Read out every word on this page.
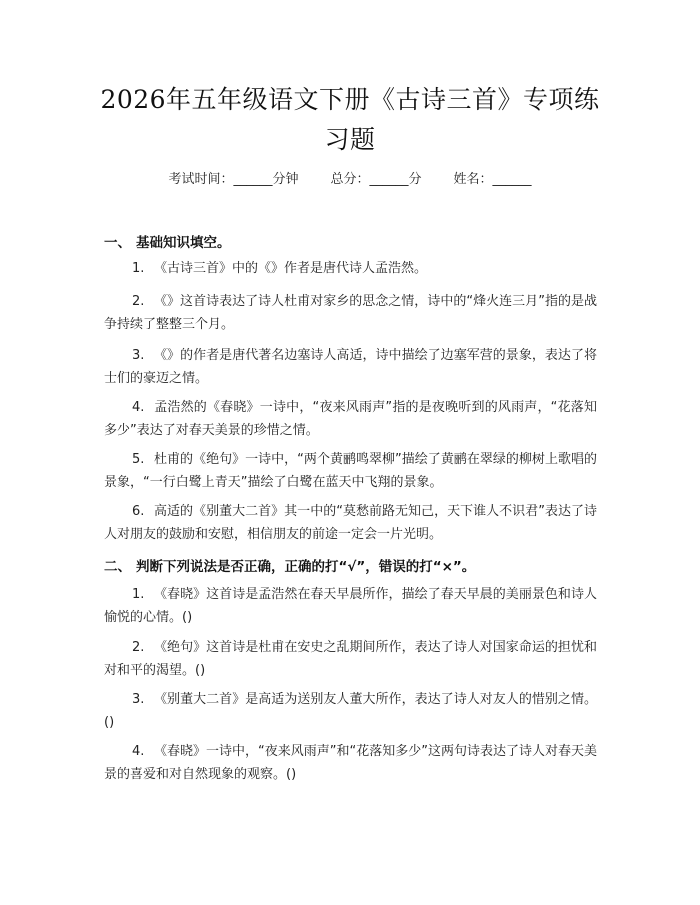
2026年五年级语文下册《古诗三首》专项练习题
考试时间：______分钟 总分：______分 姓名：______
一、 基础知识填空。
1. 《古诗三首》中的《》作者是唐代诗人孟浩然。
2. 《》这首诗表达了诗人杜甫对家乡的思念之情，诗中的“烽火连三月”指的是战争持续了整整三个月。
3. 《》的作者是唐代著名边塞诗人高适，诗中描绘了边塞军营的景象，表达了将士们的豪迈之情。
4. 孟浩然的《春晓》一诗中，“夜来风雨声”指的是夜晚听到的风雨声，“花落知多少”表达了对春天美景的珍惜之情。
5. 杜甫的《绝句》一诗中，“两个黄鹂鸣翠柳”描绘了黄鹂在翠绿的柳树上歌唱的景象，“一行白鹭上青天”描绘了白鹭在蓝天中飞翔的景象。
6. 高适的《别董大二首》其一中的“莫愁前路无知己，天下谁人不识君”表达了诗人对朋友的鼓励和安慰，相信朋友的前途一定会一片光明。
二、 判断下列说法是否正确，正确的打“√”，错误的打“×”。
1. 《春晓》这首诗是孟浩然在春天早晨所作，描绘了春天早晨的美丽景色和诗人愉悦的心情。()
2. 《绝句》这首诗是杜甫在安史之乱期间所作，表达了诗人对国家命运的担忧和对和平的渴望。()
3. 《别董大二首》是高适为送别友人董大所作，表达了诗人对友人的惜别之情。()
4. 《春晓》一诗中，“夜来风雨声”和“花落知多少”这两句诗表达了诗人对春天美景的喜爱和对自然现象的观察。()
